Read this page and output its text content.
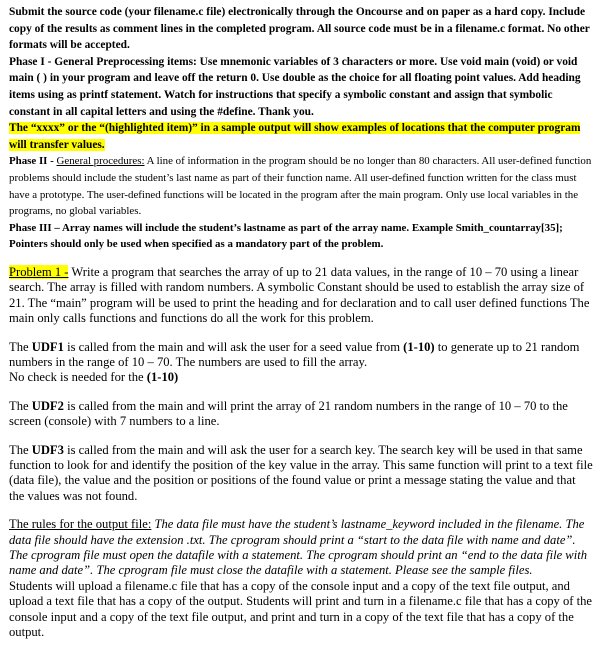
Submit the source code (your filename.c file) electronically through the Oncourse and on paper as a hard copy. Include copy of the results as comment lines in the completed program. All source code must be in a filename.c format. No other formats will be accepted.

Phase I - General Preprocessing items: Use mnemonic variables of 3 characters or more. Use void main (void) or void main ( ) in your program and leave off the return 0. Use double as the choice for all floating point values. Add heading items using as printf statement. Watch for instructions that specify a symbolic constant and assign that symbolic constant in all capital letters and using the #define. Thank you.

The “xxxx” or the “(highlighted item)” in a sample output will show examples of locations that the computer program will transfer values.

Phase II - General procedures: A line of information in the program should be no longer than 80 characters. All user-defined function problems should include the student’s last name as part of their function name. All user-defined function written for the class must have a prototype. The user-defined functions will be located in the program after the main program. Only use local variables in the programs, no global variables.

Phase III – Array names will include the student’s lastname as part of the array name. Example Smith_countarray[35]; Pointers should only be used when specified as a mandatory part of the problem.

Problem 1 - Write a program that searches the array of up to 21 data values, in the range of 10 – 70 using a linear search. The array is filled with random numbers. A symbolic Constant should be used to establish the array size of 21. The “main” program will be used to print the heading and for declaration and to call user defined functions The main only calls functions and functions do all the work for this problem.

The UDF1 is called from the main and will ask the user for a seed value from (1-10) to generate up to 21 random numbers in the range of 10 – 70. The numbers are used to fill the array.
No check is needed for the (1-10)

The UDF2 is called from the main and will print the array of 21 random numbers in the range of 10 – 70 to the screen (console) with 7 numbers to a line.

The UDF3 is called from the main and will ask the user for a search key. The search key will be used in that same function to look for and identify the position of the key value in the array. This same function will print to a text file (data file), the value and the position or positions of the found value or print a message stating the value and that the values was not found.

The rules for the output file: The data file must have the student’s lastname_keyword included in the filename. The data file should have the extension .txt. The cprogram should print a “start to the data file with name and date”. The cprogram file must open the datafile with a statement. The cprogram should print an “end to the data file with name and date”. The cprogram file must close the datafile with a statement. Please see the sample files.
Students will upload a filename.c file that has a copy of the console input and a copy of the text file output, and upload a text file that has a copy of the output. Students will print and turn in a filename.c file that has a copy of the console input and a copy of the text file output, and print and turn in a copy of the text file that has a copy of the output.
